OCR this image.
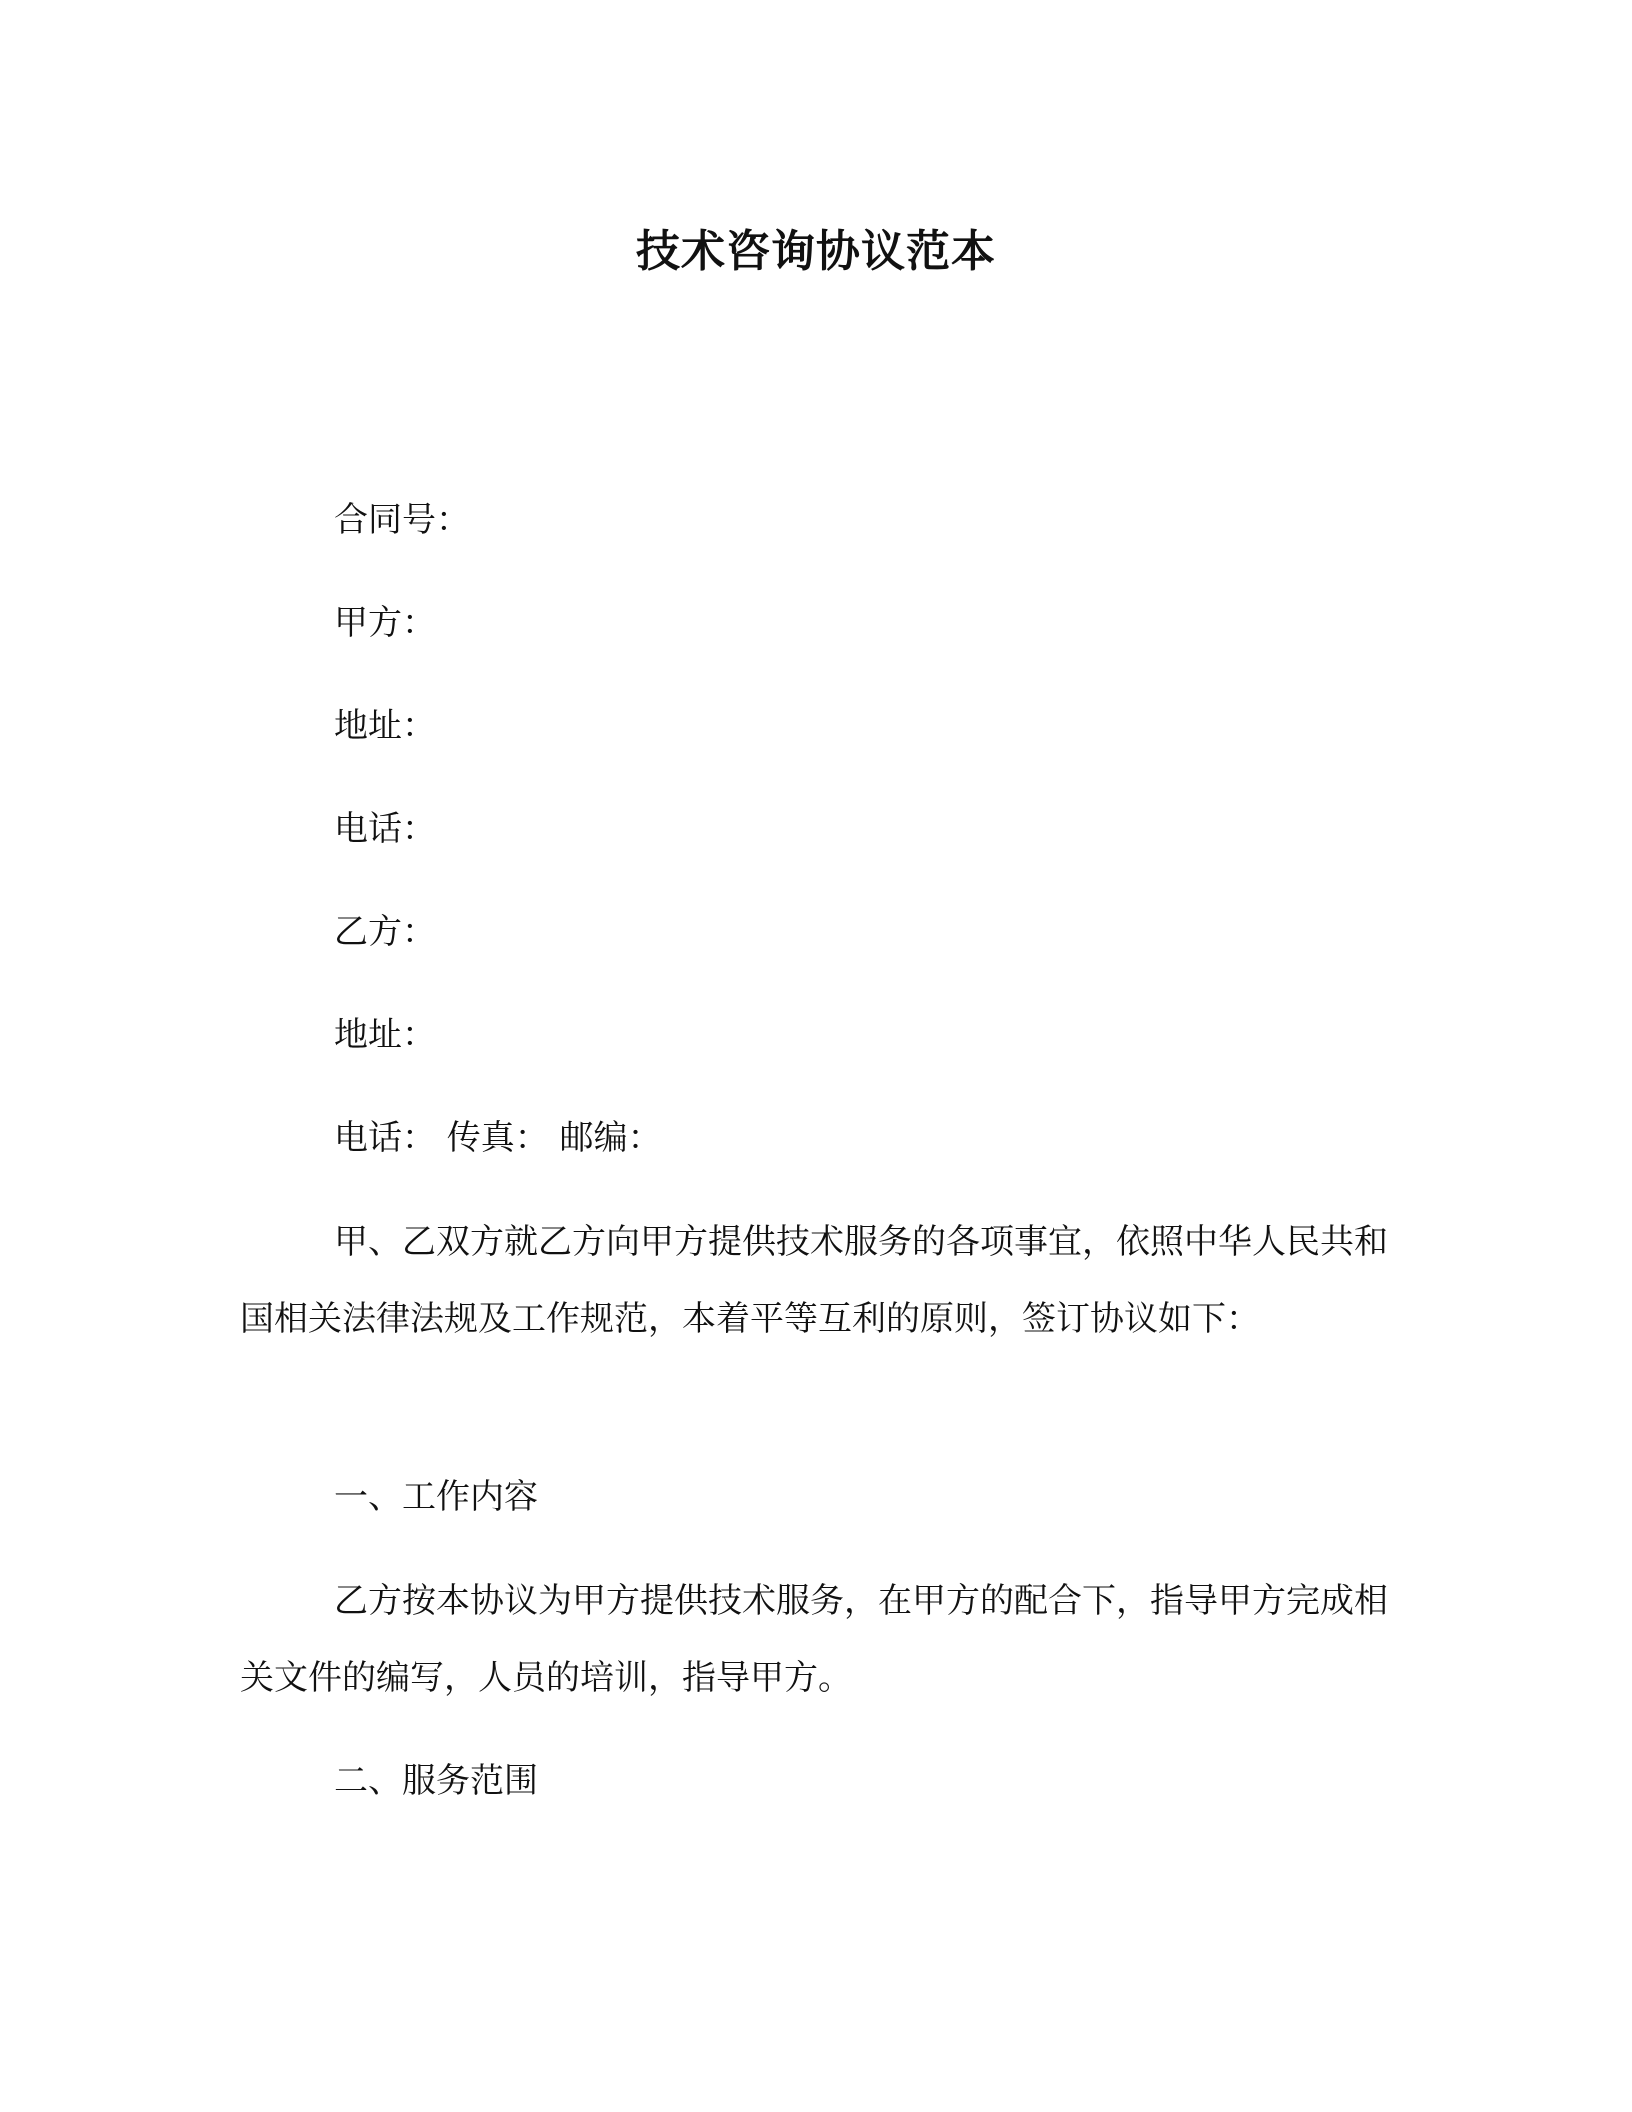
技术咨询协议范本
合同号：
甲方：
地址：
电话：
乙方：
地址：
电话： 传真： 邮编：
甲、乙双方就乙方向甲方提供技术服务的各项事宜，依照中华人民共和国相关法律法规及工作规范，本着平等互利的原则，签订协议如下：
一、工作内容
乙方按本协议为甲方提供技术服务，在甲方的配合下，指导甲方完成相关文件的编写，人员的培训，指导甲方。
二、服务范围
